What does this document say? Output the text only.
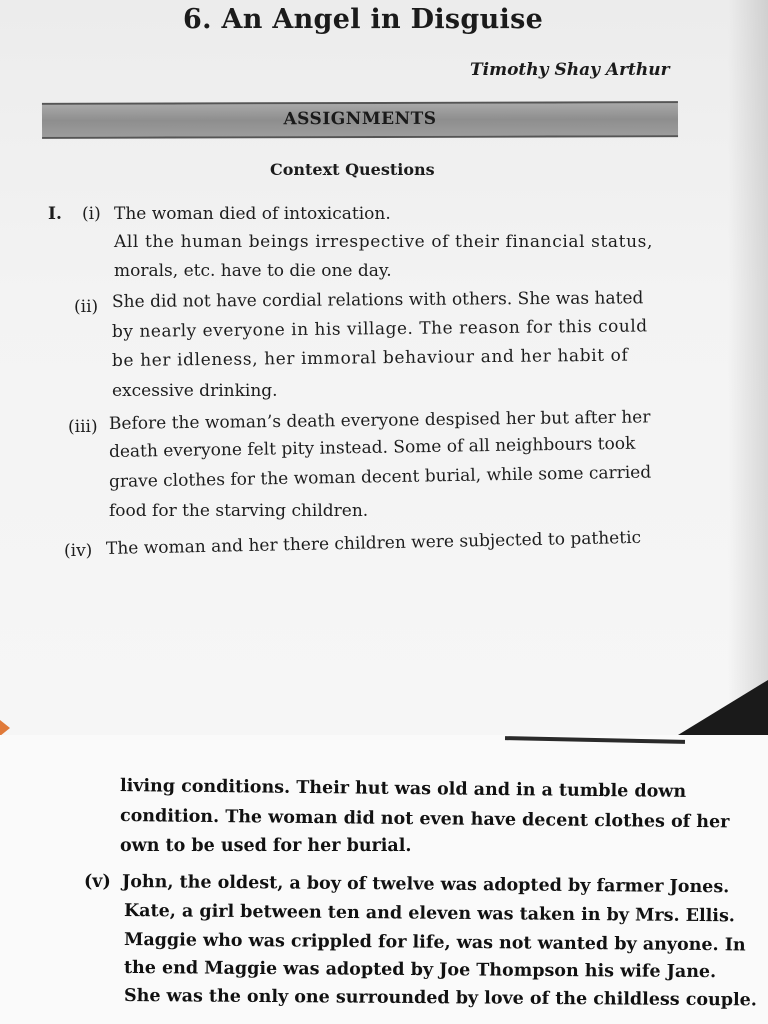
6. An Angel in Disguise
Timothy Shay Arthur
ASSIGNMENTS
Context Questions
I. (i) The woman died of intoxication.
All the human beings irrespective of their financial status,
morals, etc. have to die one day.
(ii) She did not have cordial relations with others. She was hated
by nearly everyone in his village. The reason for this could
be her idleness, her immoral behaviour and her habit of
excessive drinking.
(iii) Before the woman’s death everyone despised her but after her
death everyone felt pity instead. Some of all neighbours took
grave clothes for the woman decent burial, while some carried
food for the starving children.
(iv) The woman and her there children were subjected to pathetic
living conditions. Their hut was old and in a tumble down
condition. The woman did not even have decent clothes of her
own to be used for her burial.
(v) John, the oldest, a boy of twelve was adopted by farmer Jones.
Kate, a girl between ten and eleven was taken in by Mrs. Ellis.
Maggie who was crippled for life, was not wanted by anyone. In
the end Maggie was adopted by Joe Thompson his wife Jane.
She was the only one surrounded by love of the childless couple.
